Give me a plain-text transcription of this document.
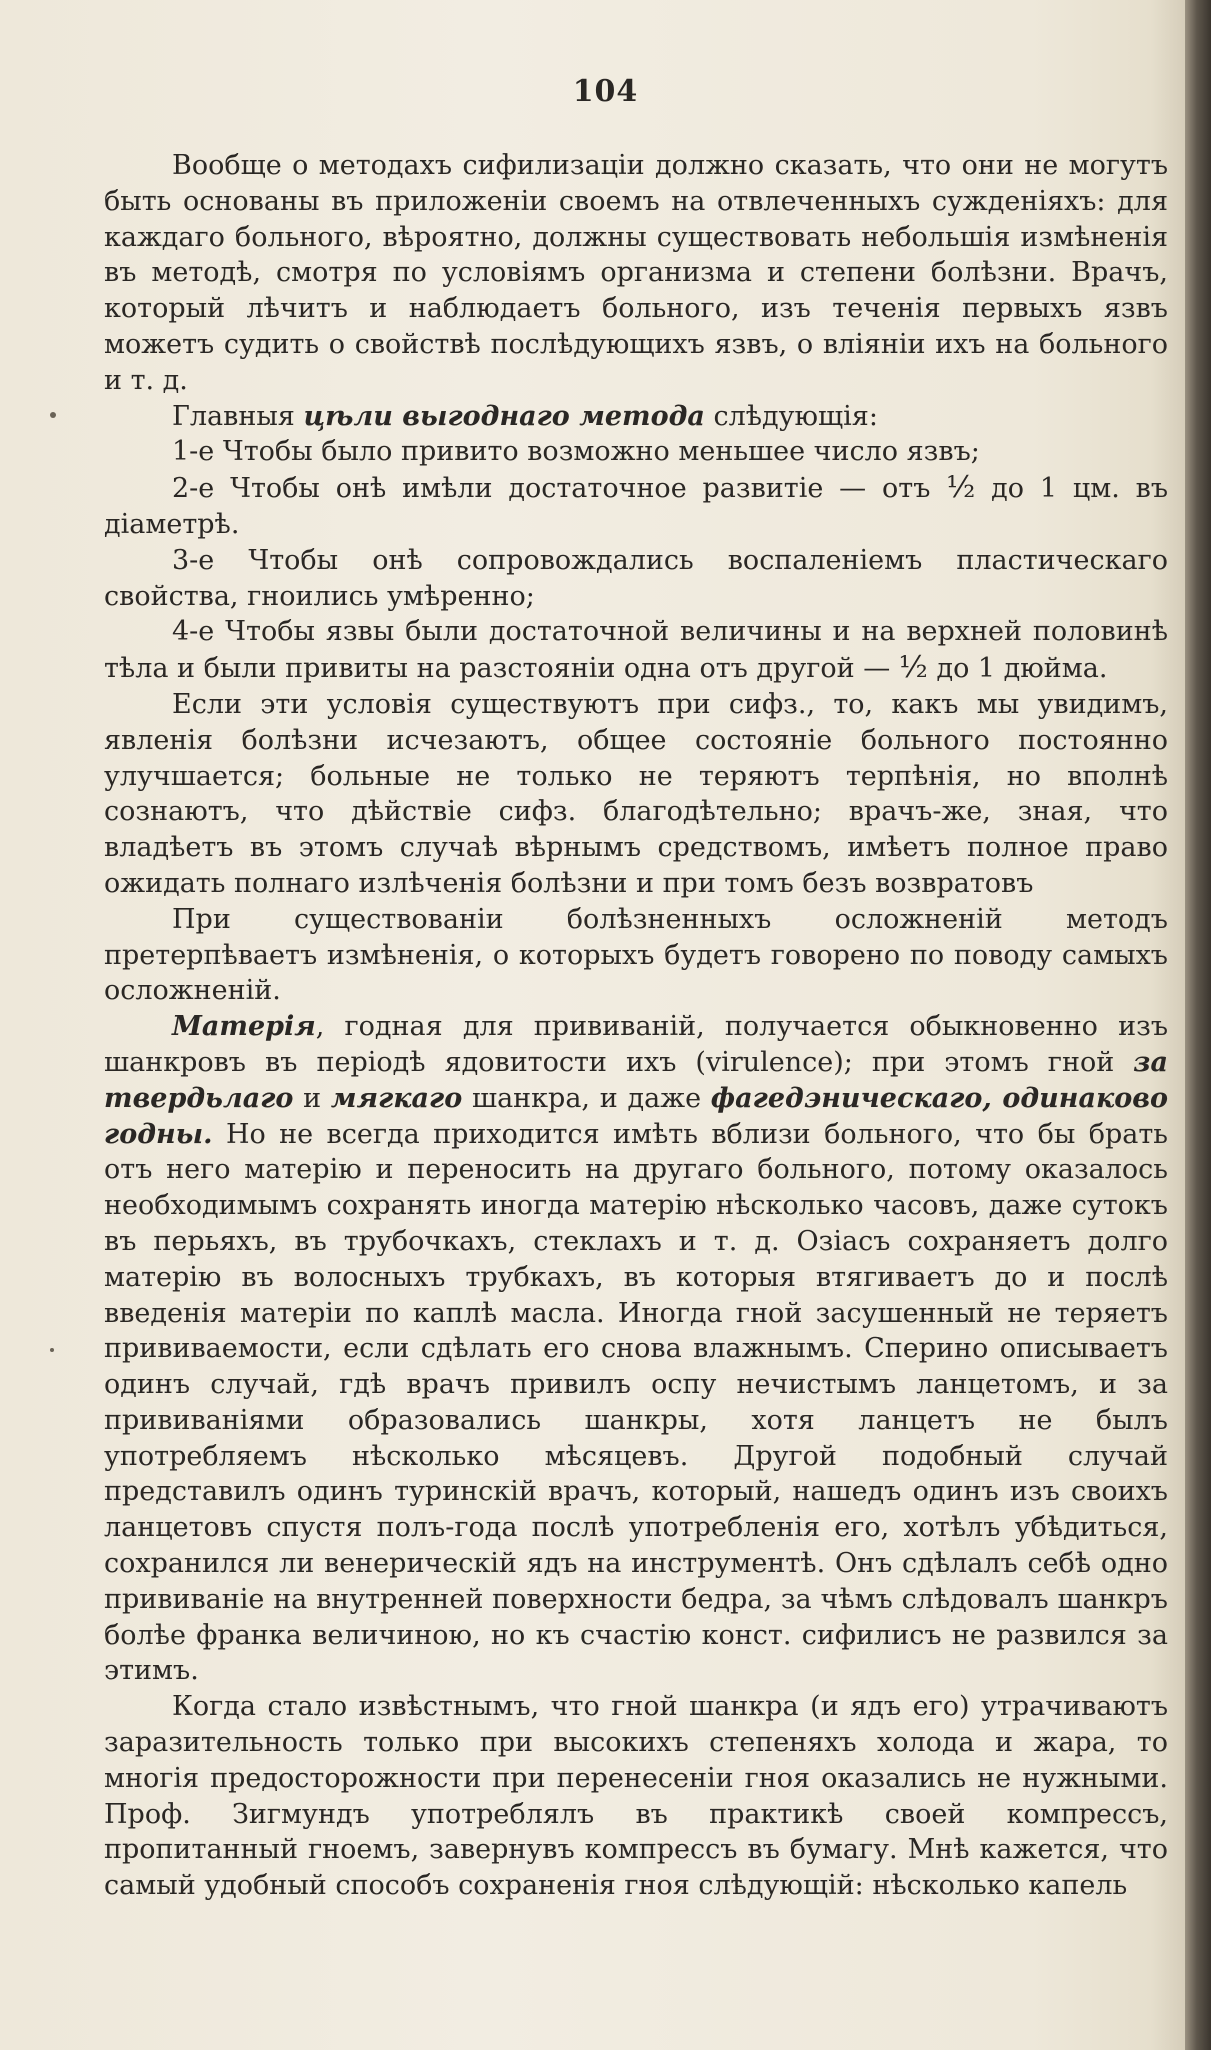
104

Вообще о методахъ сифилизаціи должно сказать, что они не могутъ быть основаны въ приложеніи своемъ на отвлеченныхъ сужденіяхъ: для каждаго больного, вѣроятно, должны существовать небольшія измѣненія въ методѣ, смотря по условіямъ организма и степени болѣзни. Врачъ, который лѣчитъ и наблюдаетъ больного, изъ теченія первыхъ язвъ можетъ судить о свойствѣ послѣдующихъ язвъ, о вліяніи ихъ на больного и т. д.

Главныя цѣли выгоднаго метода слѣдующія:

1-е Чтобы было привито возможно меньшее число язвъ;

2-е Чтобы онѣ имѣли достаточное развитіе — отъ ½ до 1 цм. въ діаметрѣ.

3-е Чтобы онѣ сопровождались воспаленіемъ пластическаго свойства, гноились умѣренно;

4-е Чтобы язвы были достаточной величины и на верхней половинѣ тѣла и были привиты на разстояніи одна отъ другой — ½ до 1 дюйма.

Если эти условія существуютъ при сифз., то, какъ мы увидимъ, явленія болѣзни исчезаютъ, общее состояніе больного постоянно улучшается; больные не только не теряютъ терпѣнія, но вполнѣ сознаютъ, что дѣйствіе сифз. благодѣтельно; врачъ-же, зная, что владѣетъ въ этомъ случаѣ вѣрнымъ средствомъ, имѣетъ полное право ожидать полнаго излѣченія болѣзни и при томъ безъ возвратовъ

При существованіи болѣзненныхъ осложненій методъ претерпѣваетъ измѣненія, о которыхъ будетъ говорено по поводу самыхъ осложненій.

Матерія, годная для прививаній, получается обыкновенно изъ шанкровъ въ періодѣ ядовитости ихъ (virulence); при этомъ гной за твердьлаго и мягкаго шанкра, и даже фагедэническаго, одинаково годны. Но не всегда приходится имѣть вблизи больного, что бы брать отъ него матерію и переносить на другаго больного, потому оказалось необходимымъ сохранять иногда матерію нѣсколько часовъ, даже сутокъ въ перьяхъ, въ трубочкахъ, стеклахъ и т. д. Озіасъ сохраняетъ долго матерію въ волосныхъ трубкахъ, въ которыя втягиваетъ до и послѣ введенія матеріи по каплѣ масла. Иногда гной засушенный не теряетъ прививаемости, если сдѣлать его снова влажнымъ. Сперино описываетъ одинъ случай, гдѣ врачъ привилъ оспу нечистымъ ланцетомъ, и за прививаніями образовались шанкры, хотя ланцетъ не былъ употребляемъ нѣсколько мѣсяцевъ. Другой подобный случай представилъ одинъ туринскій врачъ, который, нашедъ одинъ изъ своихъ ланцетовъ спустя полъ-года послѣ употребленія его, хотѣлъ убѣдиться, сохранился ли венерическій ядъ на инструментѣ. Онъ сдѣлалъ себѣ одно прививаніе на внутренней поверхности бедра, за чѣмъ слѣдовалъ шанкръ болѣе франка величиною, но къ счастію конст. сифилисъ не развился за этимъ.

Когда стало извѣстнымъ, что гной шанкра (и ядъ его) утрачиваютъ заразительность только при высокихъ степеняхъ холода и жара, то многія предосторожности при перенесеніи гноя оказались не нужными. Проф. Зигмундъ употреблялъ въ практикѣ своей компрессъ, пропитанный гноемъ, завернувъ компрессъ въ бумагу. Мнѣ кажется, что самый удобный способъ сохраненія гноя слѣдующій: нѣсколько капель
